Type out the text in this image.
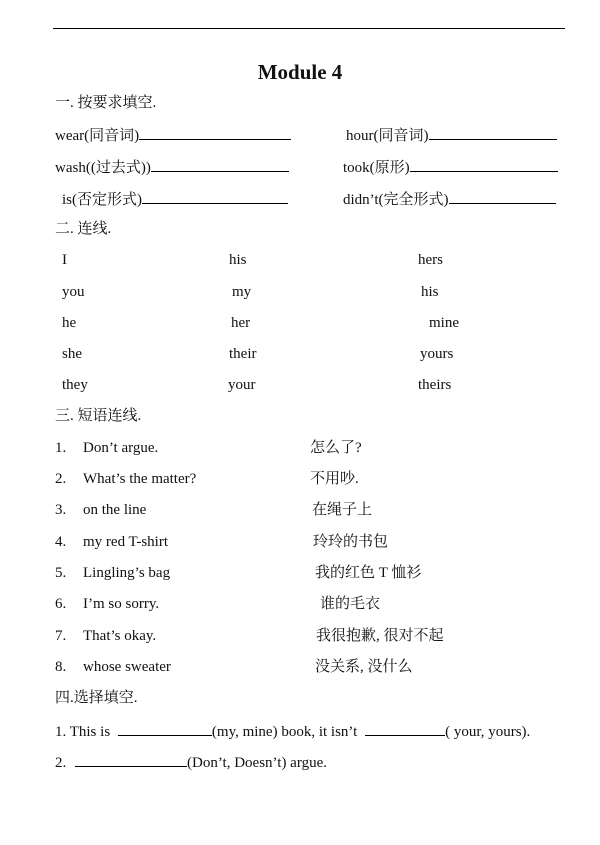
Module 4
一. 按要求填空.
wear(同音词)	hour(同音词)
wash((过去式))	took(原形)
is(否定形式)	didn’t(完全形式)
二. 连线.
I	his	hers
you	my	his
he	her	mine
she	their	yours
they	your	theirs
三. 短语连线.
1. Don’t argue.	怎么了?
2. What’s the matter?	不用吵.
3. on the line	在绳子上
4. my red T-shirt	玲玲的书包
5. Lingling’s bag	我的红色 T 恤衫
6. I’m so sorry.	谁的毛衣
7. That’s okay.	我很抱歉, 很对不起
8. whose sweater	没关系, 没什么
四.选择填空.
1. This is	(my, mine) book, it isn’t	( your, yours).
2.	(Don’t, Doesn’t) argue.
